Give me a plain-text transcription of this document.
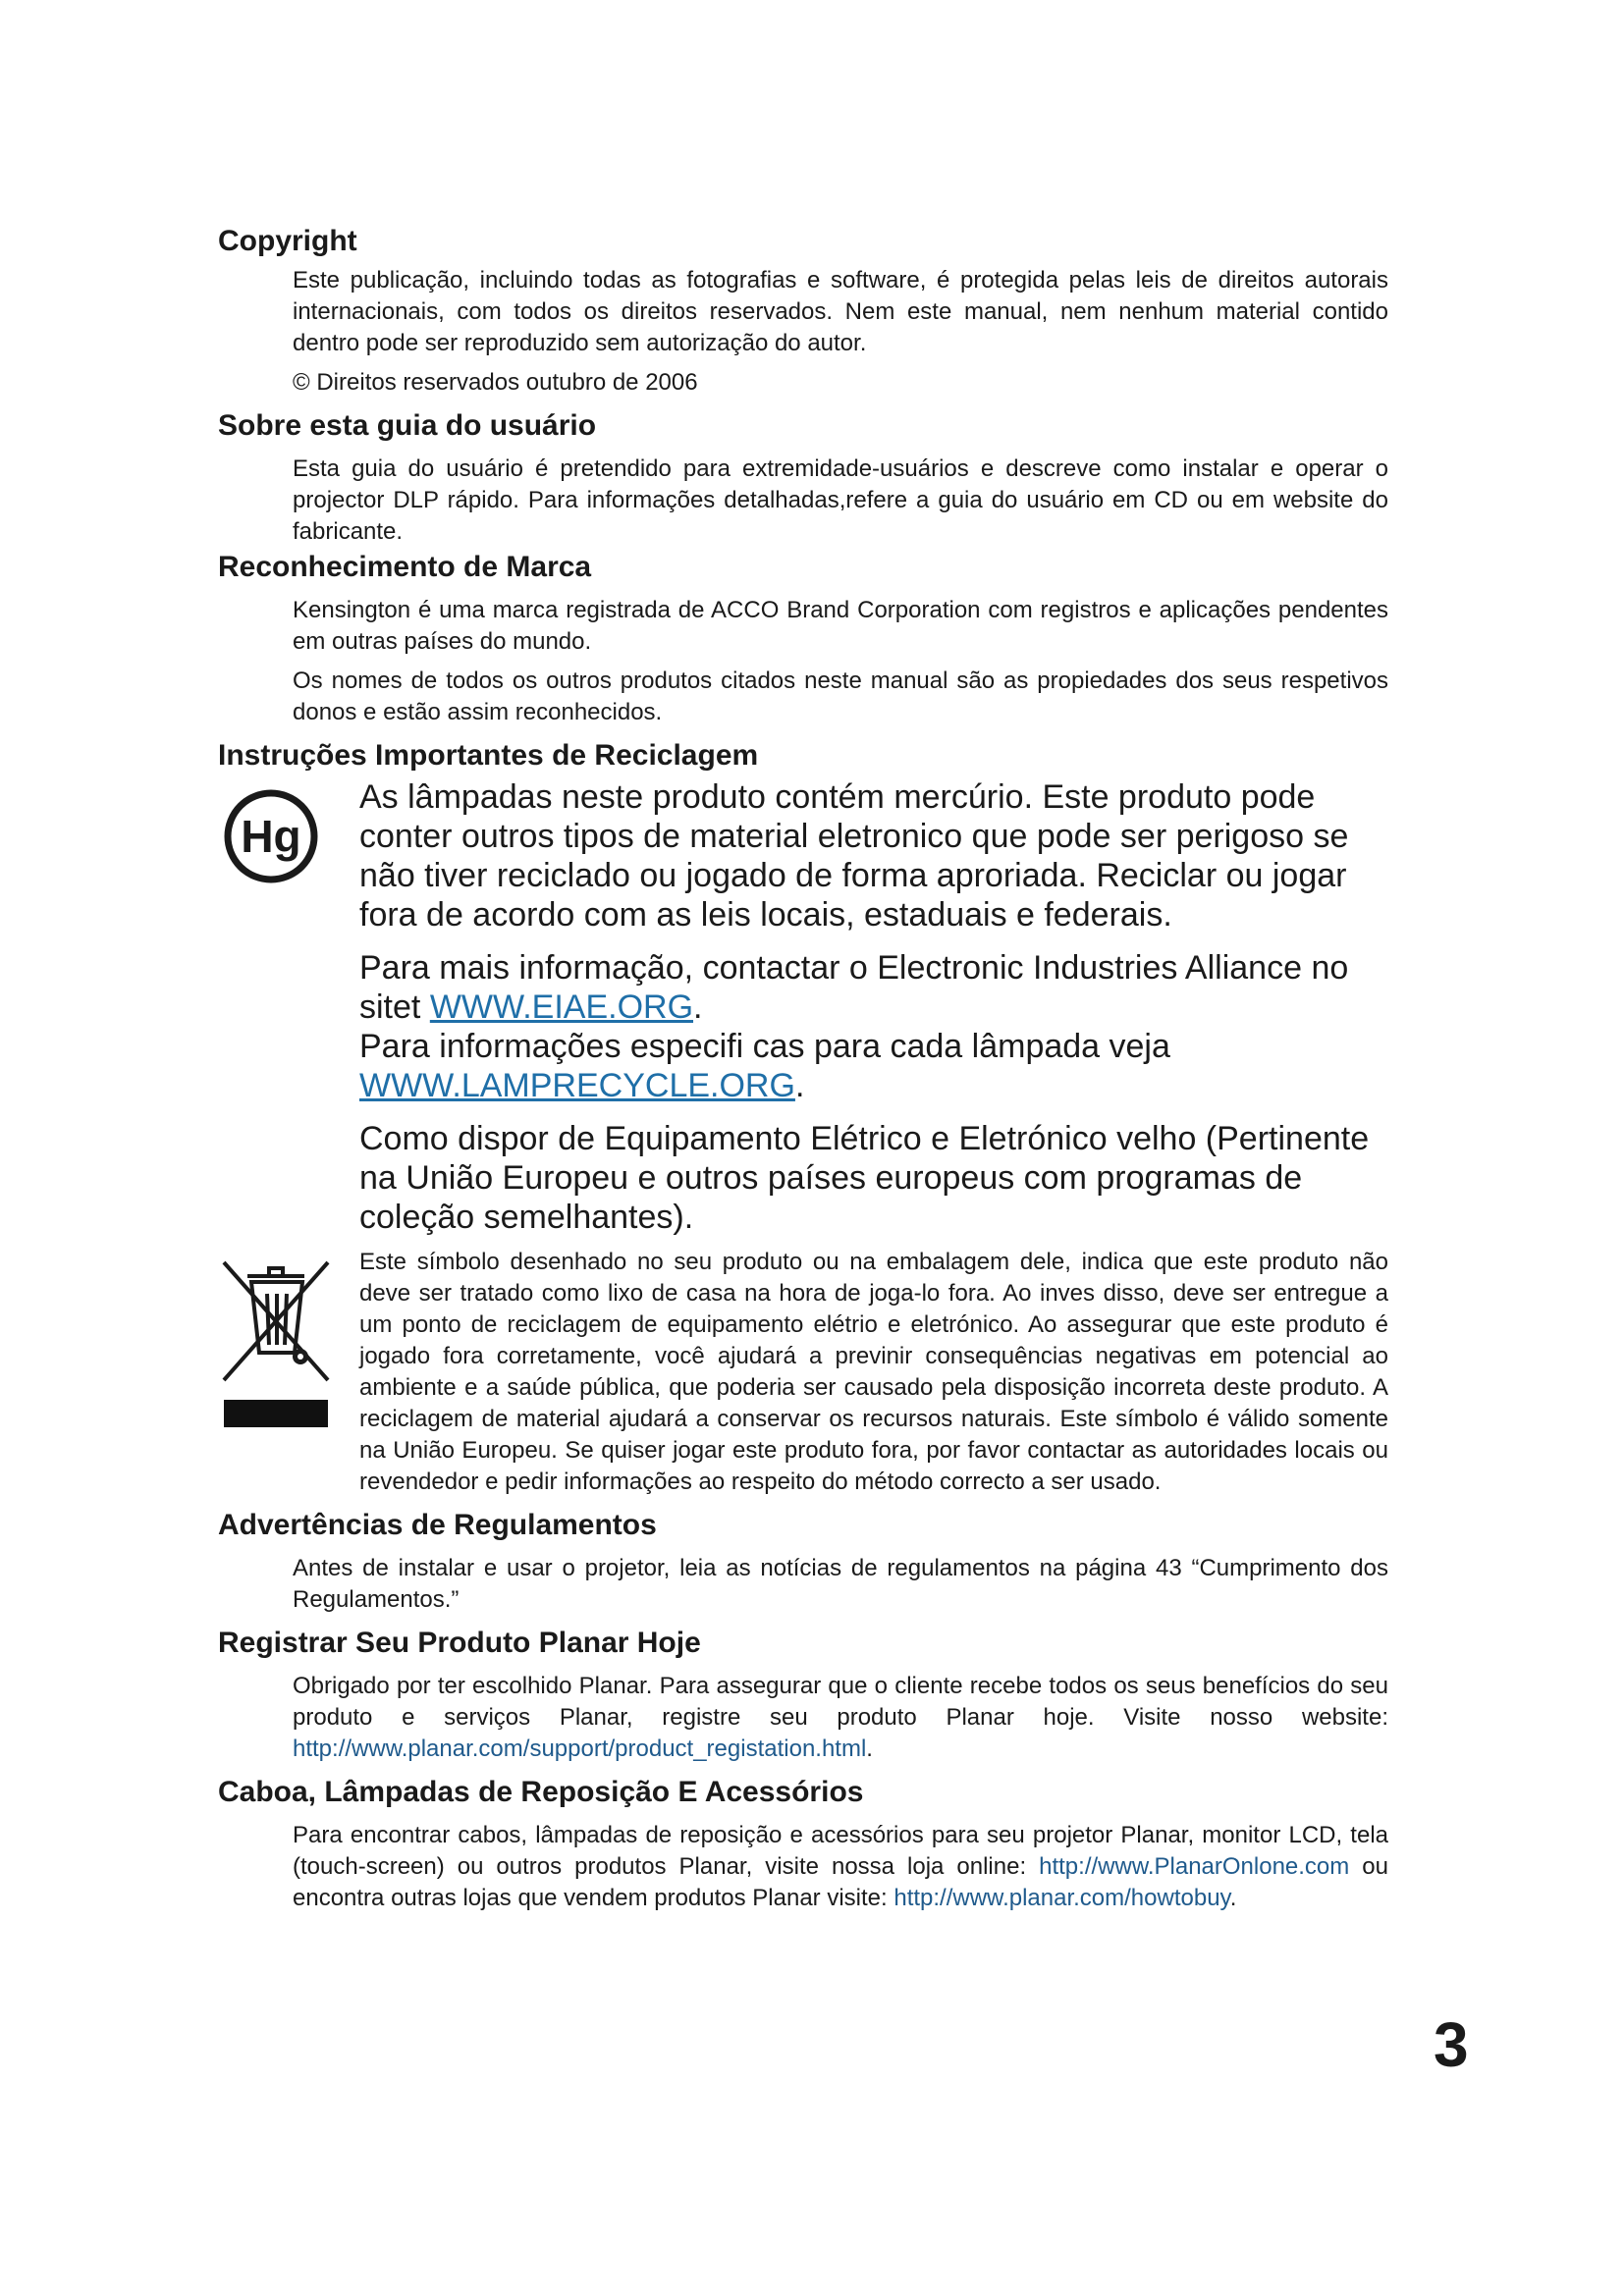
Copyright

Este publicação, incluindo todas as fotografias e software, é protegida pelas leis de direitos autorais internacionais, com todos os direitos reservados. Nem este manual, nem nenhum material contido dentro pode ser reproduzido sem autorização do autor.

© Direitos reservados outubro de 2006

Sobre esta guia do usuário

Esta guia do usuário é pretendido para extremidade-usuários e descreve como instalar e operar o projector DLP rápido. Para informações detalhadas,refere a guia do usuário em CD ou em website do fabricante.

Reconhecimento de Marca

Kensington é uma marca registrada de ACCO Brand Corporation com registros e aplicações pendentes em outras países do mundo.

Os nomes de todos os outros produtos citados neste manual são as propiedades dos seus respetivos donos e estão assim reconhecidos.

Instruções Importantes de Reciclagem
Hg

As lâmpadas neste produto contém mercúrio. Este produto pode conter outros tipos de material eletronico que pode ser perigoso se não tiver reciclado ou jogado de forma aproriada. Reciclar ou jogar fora de acordo com as leis locais, estaduais e federais.

Para mais informação, contactar o Electronic Industries Alliance no sitet WWW.EIAE.ORG.

Para informações especifi cas para cada lâmpada veja WWW.LAMPRECYCLE.ORG.

Como dispor de Equipamento Elétrico e Eletrónico velho (Pertinente na União Europeu e outros países europeus com programas de coleção semelhantes).

Este símbolo desenhado no seu produto ou na embalagem dele, indica que este produto não deve ser tratado como lixo de casa na hora de joga-lo fora. Ao inves disso, deve ser entregue a um ponto de reciclagem de equipamento elétrio e eletrónico. Ao assegurar que este produto é jogado fora corretamente, você ajudará a previnir consequências negativas em potencial ao ambiente e a saúde pública, que poderia ser causado pela disposição incorreta deste produto. A reciclagem de material ajudará a conservar os recursos naturais. Este símbolo é válido somente na União Europeu. Se quiser jogar este produto fora, por favor contactar as autoridades locais ou revendedor e pedir informações ao respeito do método correcto a ser usado.

Advertências de Regulamentos

Antes de instalar e usar o projetor, leia as notícias de regulamentos na página 43 “Cumprimento dos Regulamentos.”

Registrar Seu Produto Planar Hoje

Obrigado por ter escolhido Planar. Para assegurar que o cliente recebe todos os seus benefícios do seu produto e serviços Planar, registre seu produto Planar hoje. Visite nosso website: http://www.planar.com/support/product_registation.html.

Caboa, Lâmpadas de Reposição E Acessórios

Para encontrar cabos, lâmpadas de reposição e acessórios para seu projetor Planar, monitor LCD, tela (touch-screen) ou outros produtos Planar, visite nossa loja online: http://www.PlanarOnlone.com ou encontra outras lojas que vendem produtos Planar visite: http://www.planar.com/howtobuy.

3
